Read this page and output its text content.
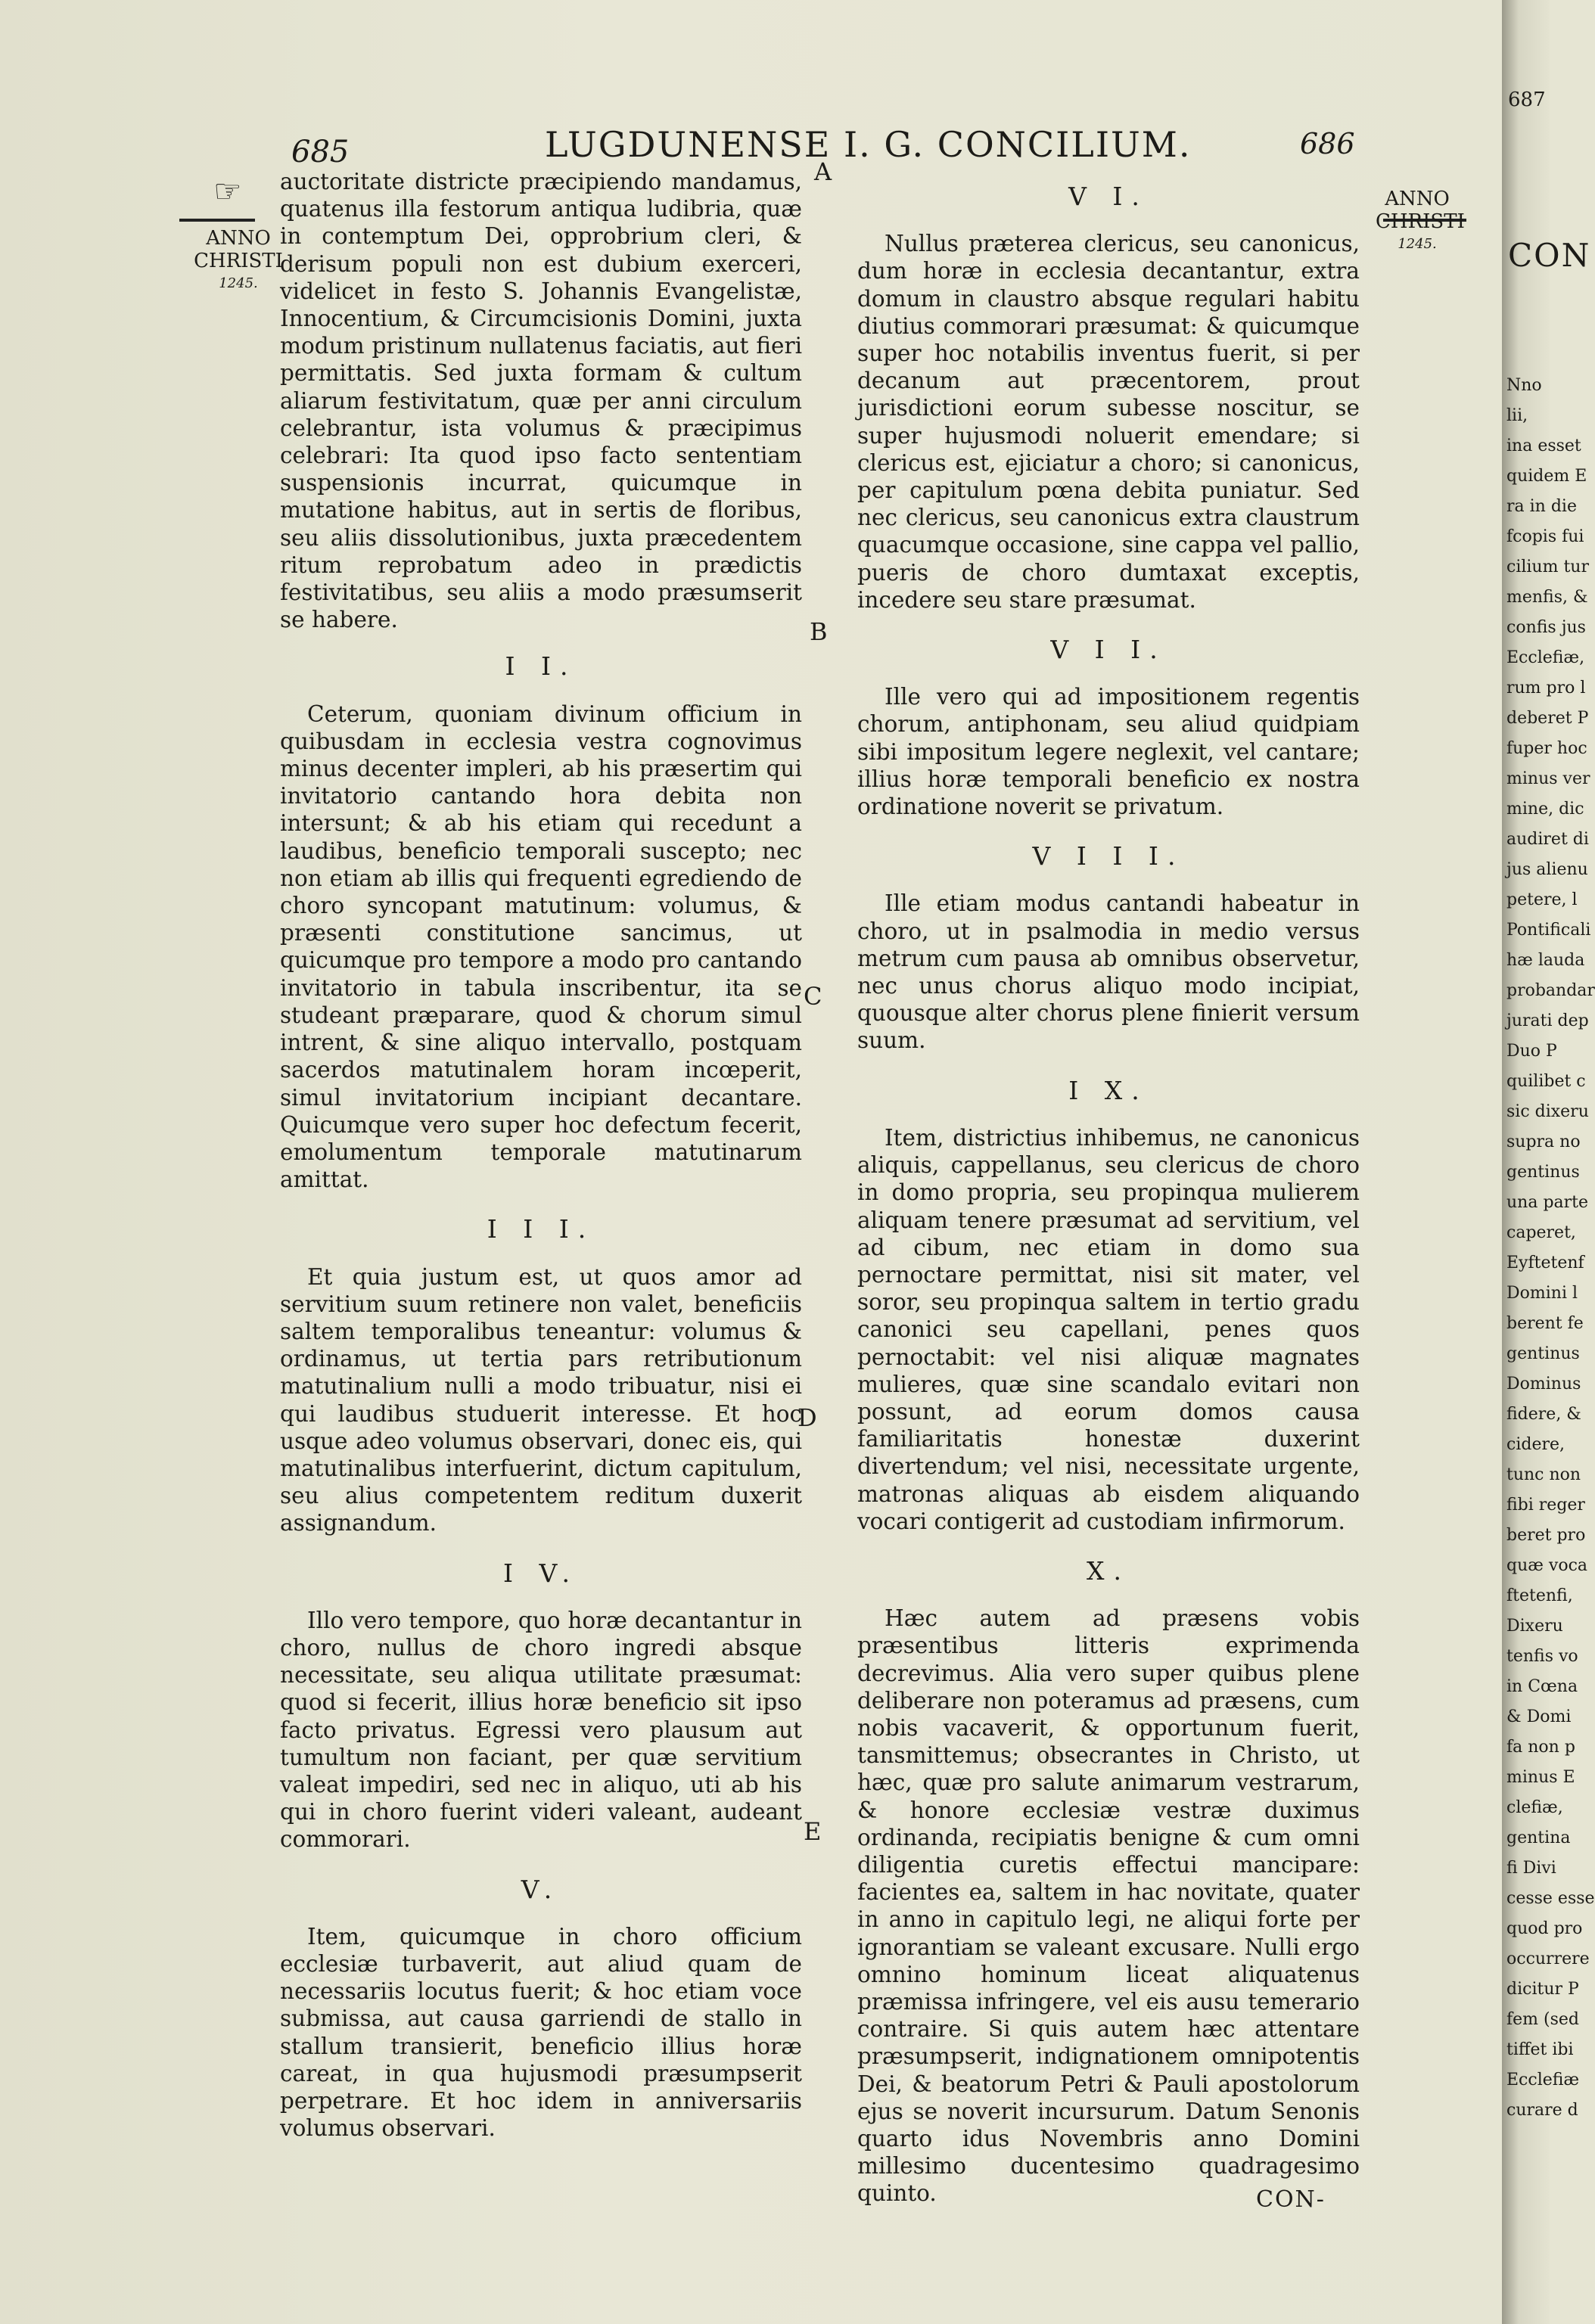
685	LUGDUNENSE I. G. CONCILIUM.	686
☞
ANNO
CHRISTI
1245.
ANNO
CHRISTI
1245.

auctoritate districte præcipiendo mandamus, quatenus illa festorum antiqua ludibria, quæ in contemptum Dei, opprobrium cleri, & derisum populi non est dubium exerceri, videlicet in festo S. Johannis Evangelistæ, Innocentium, & Circumcisionis Domini, juxta modum pristinum nullatenus faciatis, aut fieri permittatis. Sed juxta formam & cultum aliarum festivitatum, quæ per anni circulum celebrantur, ista volumus & præcipimus celebrari: Ita quod ipso facto sententiam suspensionis incurrat, quicumque in mutatione habitus, aut in sertis de floribus, seu aliis dissolutionibus, juxta præcedentem ritum reprobatum adeo in prædictis festivitatibus, seu aliis a modo præsumserit se habere.

I I.

Ceterum, quoniam divinum officium in quibusdam in ecclesia vestra cognovimus minus decenter impleri, ab his præsertim qui invitatorio cantando hora debita non intersunt; & ab his etiam qui recedunt a laudibus, beneficio temporali suscepto; nec non etiam ab illis qui frequenti egrediendo de choro syncopant matutinum: volumus, & præsenti constitutione sancimus, ut quicumque pro tempore a modo pro cantando invitatorio in tabula inscribentur, ita se studeant præparare, quod & chorum simul intrent, & sine aliquo intervallo, postquam sacerdos matutinalem horam incœperit, simul invitatorium incipiant decantare. Quicumque vero super hoc defectum fecerit, emolumentum temporale matutinarum amittat.

I I I.

Et quia justum est, ut quos amor ad servitium suum retinere non valet, beneficiis saltem temporalibus teneantur: volumus & ordinamus, ut tertia pars retributionum matutinalium nulli a modo tribuatur, nisi ei qui laudibus studuerit interesse. Et hoc usque adeo volumus observari, donec eis, qui matutinalibus interfuerint, dictum capitulum, seu alius competentem reditum duxerit assignandum.

I V.

Illo vero tempore, quo horæ decantantur in choro, nullus de choro ingredi absque necessitate, seu aliqua utilitate præsumat: quod si fecerit, illius horæ beneficio sit ipso facto privatus. Egressi vero plausum aut tumultum non faciant, per quæ servitium valeat impediri, sed nec in aliquo, uti ab his qui in choro fuerint videri valeant, audeant commorari.

V.

Item, quicumque in choro officium ecclesiæ turbaverit, aut aliud quam de necessariis locutus fuerit; & hoc etiam voce submissa, aut causa garriendi de stallo in stallum transierit, beneficio illius horæ careat, in qua hujusmodi præsumpserit perpetrare. Et hoc idem in anniversariis volumus observari.

V I.

Nullus præterea clericus, seu canonicus, dum horæ in ecclesia decantantur, extra domum in claustro absque regulari habitu diutius commorari præsumat: & quicumque super hoc notabilis inventus fuerit, si per decanum aut præcentorem, prout jurisdictioni eorum subesse noscitur, se super hujusmodi noluerit emendare; si clericus est, ejiciatur a choro; si canonicus, per capitulum pœna debita puniatur. Sed nec clericus, seu canonicus extra claustrum quacumque occasione, sine cappa vel pallio, pueris de choro dumtaxat exceptis, incedere seu stare præsumat.

V I I.

Ille vero qui ad impositionem regentis chorum, antiphonam, seu aliud quidpiam sibi impositum legere neglexit, vel cantare; illius horæ temporali beneficio ex nostra ordinatione noverit se privatum.

V I I I.

Ille etiam modus cantandi habeatur in choro, ut in psalmodia in medio versus metrum cum pausa ab omnibus observetur, nec unus chorus aliquo modo incipiat, quousque alter chorus plene finierit versum suum.

I X.

Item, districtius inhibemus, ne canonicus aliquis, cappellanus, seu clericus de choro in domo propria, seu propinqua mulierem aliquam tenere præsumat ad servitium, vel ad cibum, nec etiam in domo sua pernoctare permittat, nisi sit mater, vel soror, seu propinqua saltem in tertio gradu canonici seu capellani, penes quos pernoctabit: vel nisi aliquæ magnates mulieres, quæ sine scandalo evitari non possunt, ad eorum domos causa familiaritatis honestæ duxerint divertendum; vel nisi, necessitate urgente, matronas aliquas ab eisdem aliquando vocari contigerit ad custodiam infirmorum.

X.

Hæc autem ad præsens vobis præsentibus litteris exprimenda decrevimus. Alia vero super quibus plene deliberare non poteramus ad præsens, cum nobis vacaverit, & opportunum fuerit, tansmittemus; obsecrantes in Christo, ut hæc, quæ pro salute animarum vestrarum, & honore ecclesiæ vestræ duximus ordinanda, recipiatis benigne & cum omni diligentia curetis effectui mancipare: facientes ea, saltem in hac novitate, quater in anno in capitulo legi, ne aliqui forte per ignorantiam se valeant excusare. Nulli ergo omnino hominum liceat aliquatenus præmissa infringere, vel eis ausu temerario contraire. Si quis autem hæc attentare præsumpserit, indignationem omnipotentis Dei, & beatorum Petri & Pauli apostolorum ejus se noverit incursurum. Datum Senonis quarto idus Novembris anno Domini millesimo ducentesimo quadragesimo quinto.

A
B
C
D
E
CON-
687
CON
Nno
lii,
ina esset
quidem E
ra in die
fcopis fui
cilium tur
menfis, &
confis jus
Ecclefiæ,
rum pro l
deberet P
fuper hoc
minus ver
mine, dic
audiret di
jus alienu
petere, l
Pontificali
hæ lauda
probandar
jurati dep
Duo P
quilibet c
sic dixeru
supra no
gentinus
una parte
caperet,
Eyftetenf
Domini l
berent fe
gentinus
Dominus
fidere, &
cidere,
tunc non
fibi reger
beret pro
quæ voca
ftetenfi,
Dixeru
tenfis vo
in Cœna
& Domi
fa non p
minus E
clefiæ,
gentina
fi Divi
cesse esse
quod pro
occurrere
dicitur P
fem (sed
tiffet ibi
Ecclefiæ
curare d
